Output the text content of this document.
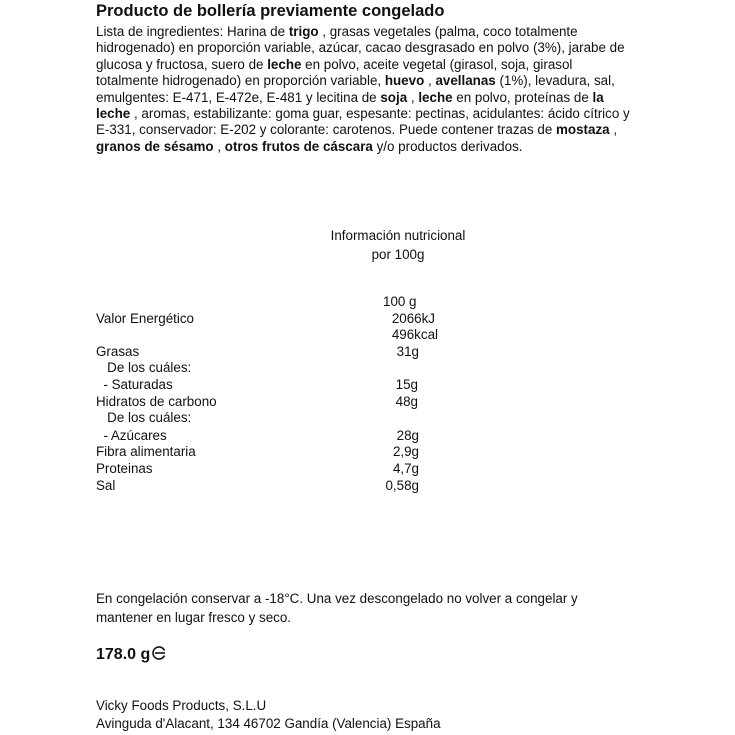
Producto de bollería previamente congelado
Lista de ingredientes: Harina de trigo , grasas vegetales (palma, coco totalmente hidrogenado) en proporción variable, azúcar, cacao desgrasado en polvo (3%), jarabe de glucosa y fructosa, suero de leche en polvo, aceite vegetal (girasol, soja, girasol totalmente hidrogenado) en proporción variable, huevo , avellanas (1%), levadura, sal, emulgentes: E-471, E-472e, E-481 y lecitina de soja , leche en polvo, proteínas de la leche , aromas, estabilizante: goma guar, espesante: pectinas, acidulantes: ácido cítrico y E-331, conservador: E-202 y colorante: carotenos. Puede contener trazas de mostaza , granos de sésamo , otros frutos de cáscara y/o productos derivados.
Información nutricional
por 100g
100 g
Valor Energético	2066kJ
496kcal
Grasas	31g
De los cuáles:
- Saturadas	15g
Hidratos de carbono	48g
De los cuáles:
- Azúcares	28g
Fibra alimentaria	2,9g
Proteinas	4,7g
Sal	0,58g
En congelación conservar a -18°C. Una vez descongelado no volver a congelar y mantener en lugar fresco y seco.
178.0 g
Vicky Foods Products, S.L.U
Avinguda d'Alacant, 134 46702 Gandía (Valencia) España
